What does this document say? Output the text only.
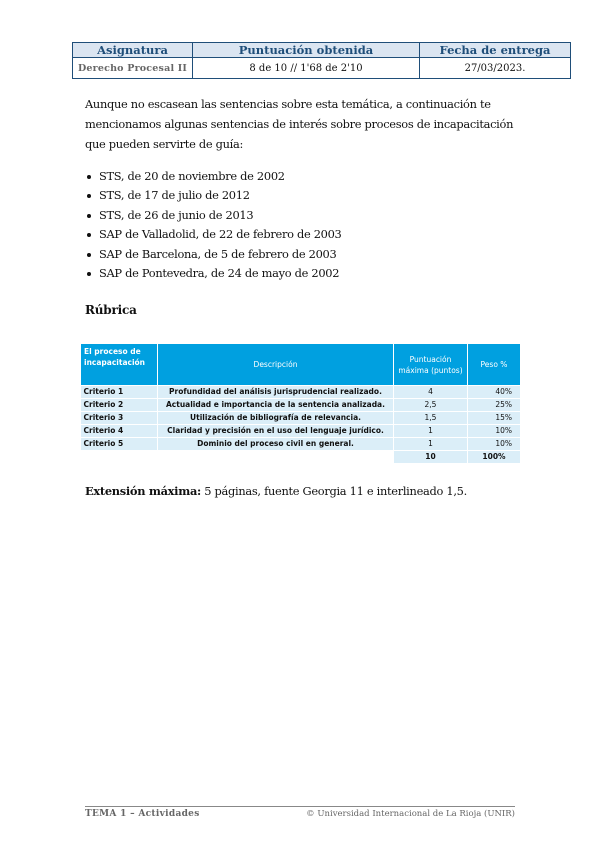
Asignatura	Puntuación obtenida	Fecha de entrega
Derecho Procesal II	8 de 10 // 1'68 de 2'10	27/03/2023.

Aunque no escasean las sentencias sobre esta temática, a continuación te mencionamos algunas sentencias de interés sobre procesos de incapacitación que pueden servirte de guía:

STS, de 20 de noviembre de 2002
STS, de 17 de julio de 2012
STS, de 26 de junio de 2013
SAP de Valladolid, de 22 de febrero de 2003
SAP de Barcelona, de 5 de febrero de 2003
SAP de Pontevedra, de 24 de mayo de 2002
Rúbrica
El proceso de incapacitación	Descripción	Puntuación máxima (puntos)	Peso %
Criterio 1	Profundidad del análisis jurisprudencial realizado.	4	40%
Criterio 2	Actualidad e importancia de la sentencia analizada.	2,5	25%
Criterio 3	Utilización de bibliografía de relevancia.	1,5	15%
Criterio 4	Claridad y precisión en el uso del lenguaje jurídico.	1	10%
Criterio 5	Dominio del proceso civil en general.	1	10%
		10	100%
Extensión máxima: 5 páginas, fuente Georgia 11 e interlineado 1,5.
TEMA 1 – Actividades	© Universidad Internacional de La Rioja (UNIR)
